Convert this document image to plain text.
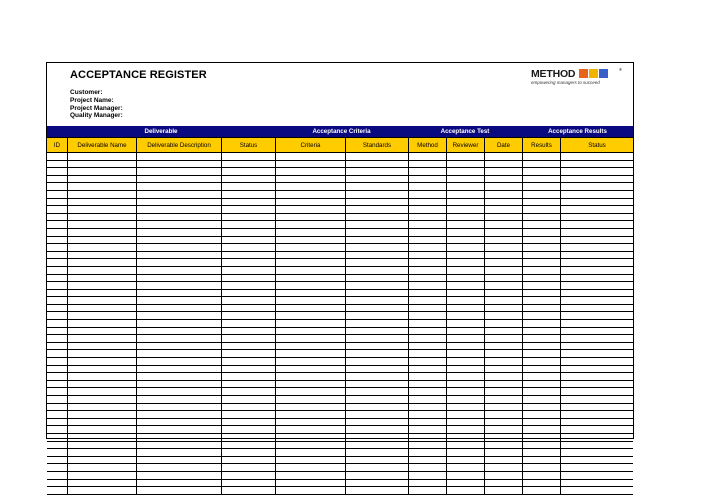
ACCEPTANCE REGISTER
Customer:
Project Name:
Project Manager:
Quality Manager:
METHOD	®
empowering managers to succeed
Deliverable	Acceptance Criteria	Acceptance Test	Acceptance Results
ID	Deliverable Name	Deliverable Description	Status	Criteria	Standards	Method	Reviewer	Date	Results	Status
